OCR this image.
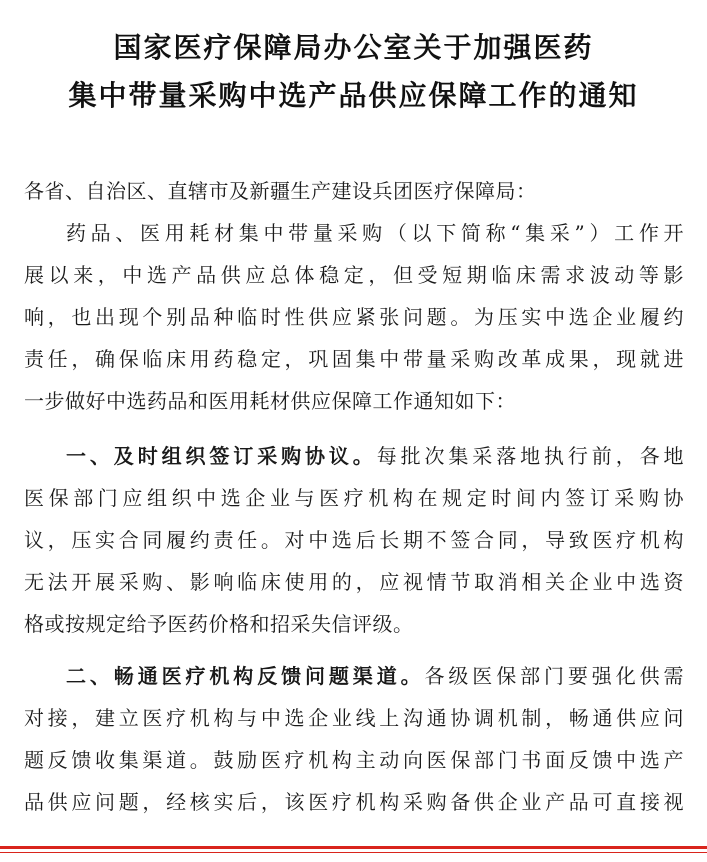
国家医疗保障局办公室关于加强医药
集中带量采购中选产品供应保障工作的通知
各省、自治区、直辖市及新疆生产建设兵团医疗保障局：
药品、医用耗材集中带量采购（以下简称“集采”）工作开
展以来，中选产品供应总体稳定，但受短期临床需求波动等影
响，也出现个别品种临时性供应紧张问题。为压实中选企业履约
责任，确保临床用药稳定，巩固集中带量采购改革成果，现就进
一步做好中选药品和医用耗材供应保障工作通知如下：
一、及时组织签订采购协议。每批次集采落地执行前，各地
医保部门应组织中选企业与医疗机构在规定时间内签订采购协
议，压实合同履约责任。对中选后长期不签合同，导致医疗机构
无法开展采购、影响临床使用的，应视情节取消相关企业中选资
格或按规定给予医药价格和招采失信评级。
二、畅通医疗机构反馈问题渠道。各级医保部门要强化供需
对接，建立医疗机构与中选企业线上沟通协调机制，畅通供应问
题反馈收集渠道。鼓励医疗机构主动向医保部门书面反馈中选产
品供应问题，经核实后，该医疗机构采购备供企业产品可直接视
